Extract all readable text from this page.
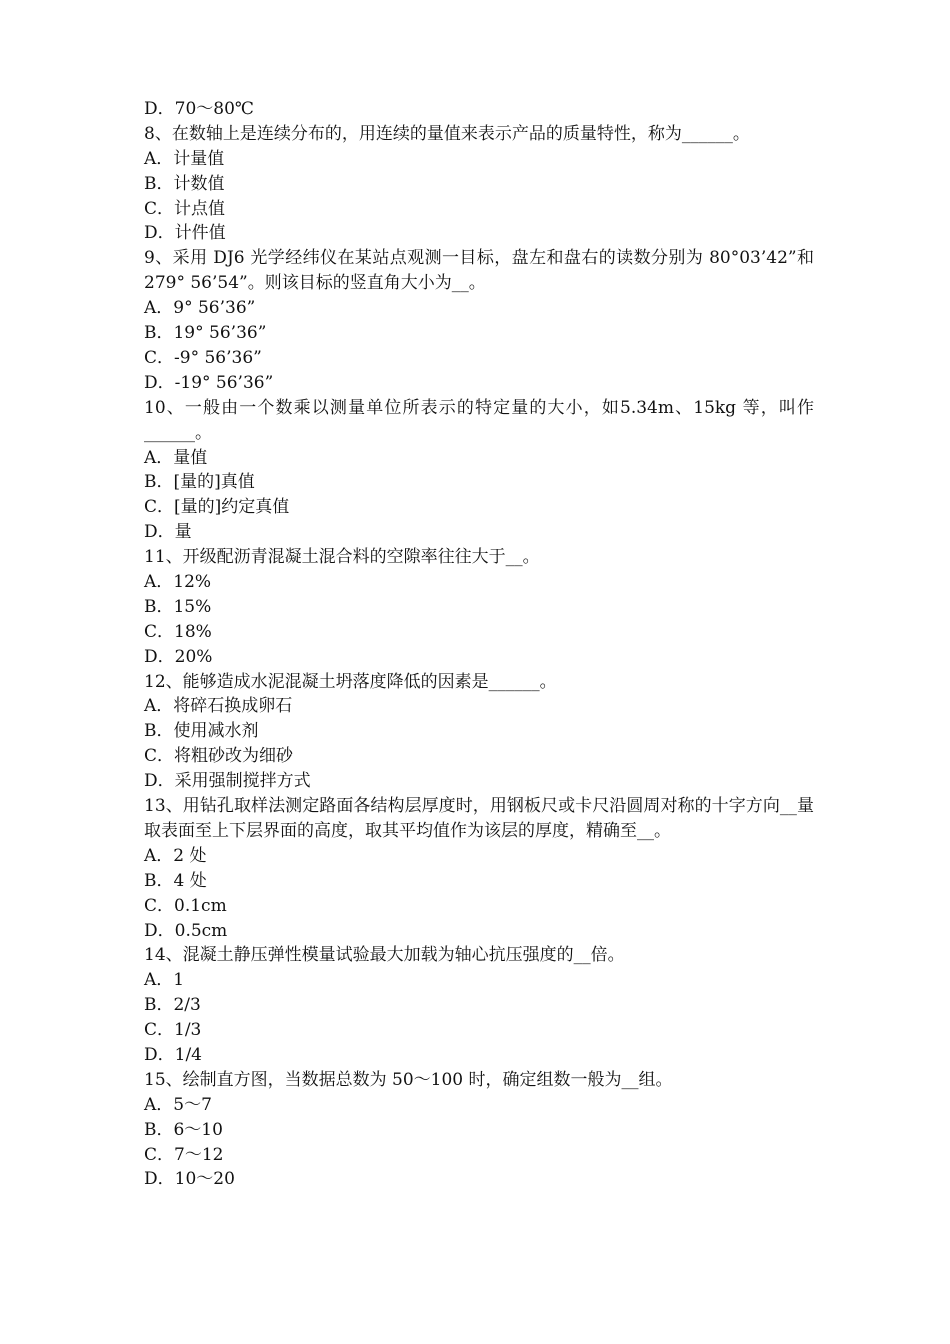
D．70～80℃
8、在数轴上是连续分布的，用连续的量值来表示产品的质量特性，称为______。
A．计量值
B．计数值
C．计点值
D．计件值
9、采用 DJ6 光学经纬仪在某站点观测一目标，盘左和盘右的读数分别为 80°03’42”和 279° 56’54”。则该目标的竖直角大小为__。
A．9° 56’36”
B．19° 56’36”
C．-9° 56’36”
D．-19° 56’36”
10、一般由一个数乘以测量单位所表示的特定量的大小，如5.34m、15kg 等，叫作______。
A．量值
B．[量的]真值
C．[量的]约定真值
D．量
11、开级配沥青混凝土混合料的空隙率往往大于__。
A．12%
B．15%
C．18%
D．20%
12、能够造成水泥混凝土坍落度降低的因素是______。
A．将碎石换成卵石
B．使用减水剂
C．将粗砂改为细砂
D．采用强制搅拌方式
13、用钻孔取样法测定路面各结构层厚度时，用钢板尺或卡尺沿圆周对称的十字方向__量取表面至上下层界面的高度，取其平均值作为该层的厚度，精确至__。
A．2 处
B．4 处
C．0.1cm
D．0.5cm
14、混凝土静压弹性模量试验最大加载为轴心抗压强度的__倍。
A．1
B．2/3
C．1/3
D．1/4
15、绘制直方图，当数据总数为 50～100 时，确定组数一般为__组。
A．5～7
B．6～10
C．7～12
D．10～20
